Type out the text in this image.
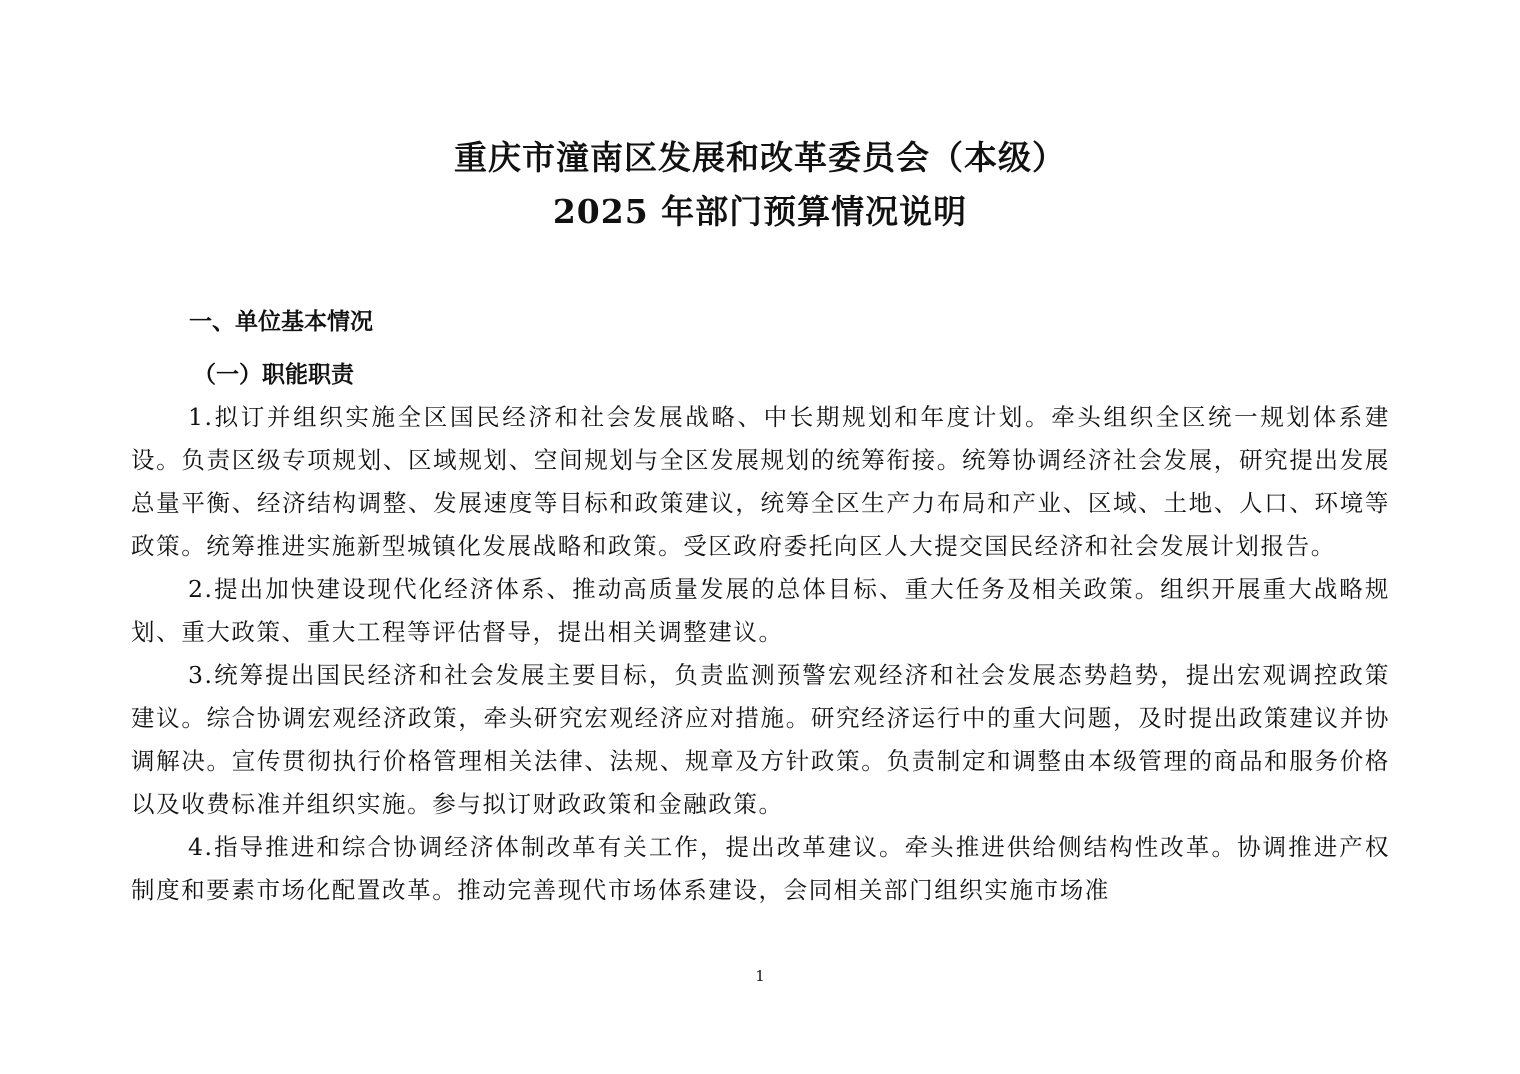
重庆市潼南区发展和改革委员会（本级）
2025 年部门预算情况说明
一、单位基本情况
（一）职能职责

1.拟订并组织实施全区国民经济和社会发展战略、中长期规划和年度计划。牵头组织全区统一规划体系建设。负责区级专项规划、区域规划、空间规划与全区发展规划的统筹衔接。统筹协调经济社会发展，研究提出发展总量平衡、经济结构调整、发展速度等目标和政策建议，统筹全区生产力布局和产业、区域、土地、人口、环境等政策。统筹推进实施新型城镇化发展战略和政策。受区政府委托向区人大提交国民经济和社会发展计划报告。

2.提出加快建设现代化经济体系、推动高质量发展的总体目标、重大任务及相关政策。组织开展重大战略规划、重大政策、重大工程等评估督导，提出相关调整建议。

3.统筹提出国民经济和社会发展主要目标，负责监测预警宏观经济和社会发展态势趋势，提出宏观调控政策建议。综合协调宏观经济政策，牵头研究宏观经济应对措施。研究经济运行中的重大问题，及时提出政策建议并协调解决。宣传贯彻执行价格管理相关法律、法规、规章及方针政策。负责制定和调整由本级管理的商品和服务价格以及收费标准并组织实施。参与拟订财政政策和金融政策。

4.指导推进和综合协调经济体制改革有关工作，提出改革建议。牵头推进供给侧结构性改革。协调推进产权制度和要素市场化配置改革。推动完善现代市场体系建设，会同相关部门组织实施市场准

1
